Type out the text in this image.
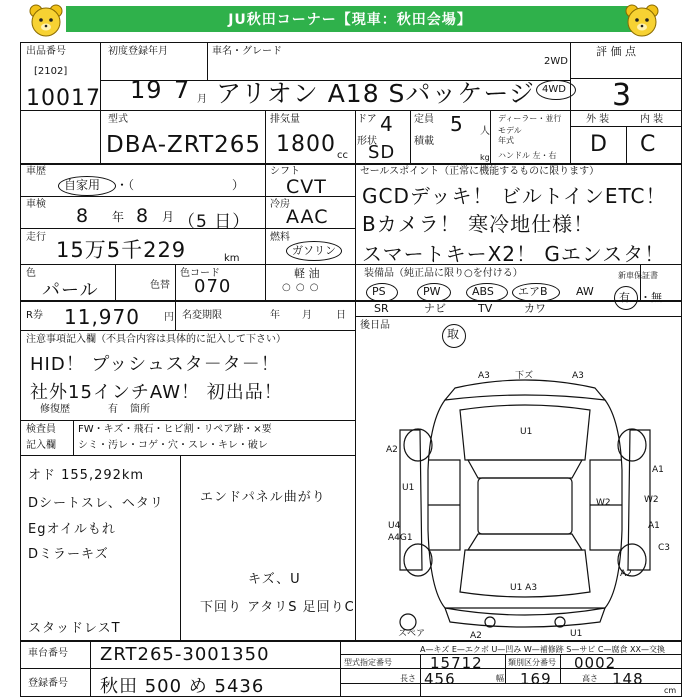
JU秋田コーナー【現車：秋田会場】
出品番号
[2102]
10017
初度登録年月
19 7 月
車名・グレード
アリオン A18 Sパッケージ
2WD
4WD
評 価 点
3
外 装	内 装
D C
型式
DBA-ZRT265
排気量
1800 cc
ドア 4
形状
SD
定員 5 人
積載
kg
ディーラー・並行
モデル
年式
ハンドル 左・右
車歴
自家用 ・（	）
シフト
CVT
車検
8 年 8 月 （5 日）
冷房
AAC
走行
15万5千229	km
燃料
ガソリン
軽 油
色
パール	色替
色コード
070	○ ○ ○
R券 11,970 円 名変期限	年 月 日
注意事項記入欄（不具合内容は具体的に記入して下さい）
HID！ プッシュスタ－タ－！
社外15インチAW！ 初出品！
修復歴	有 箇所
検査員
記入欄
FW・キズ・飛石・ヒビ割・リペア跡・×要
シミ・汚レ・コゲ・穴・スレ・キレ・破レ
オド 155,292km
Dシートスレ、ヘタリ
Egオイルもれ
Dミラーキズ
スタッドレスT
エンドパネル曲がり
キズ、U
下回り アタリS 足回りC
セールスポイント（正常に機能するものに限ります）
GCDデッキ！ ビルトインETC！
Bカメラ！ 寒冷地仕様！
スマートキーX2！ Gエンスタ！
装備品（純正品に限り○を付ける）	新車保証書
PS	PW	ABS エアB	AW
SR	ナビ	TV	カワ
有 ・無
後日品
取
A3	下ズ	A3
U1
A2
U1
A1
W2	W2
U4
A4G1
A1
C3
A2
U1 A3
スペア	A2	U1
A—キズ E—エクボ U—凹み W—補修跡 S—サビ C—腐食 XX—交換
車台番号 ZRT265-3001350
登録番号 秋田 500 め 5436
型式指定番号	15712	類別区分番号 0002
長さ 456	幅 169	高さ 148
cm
